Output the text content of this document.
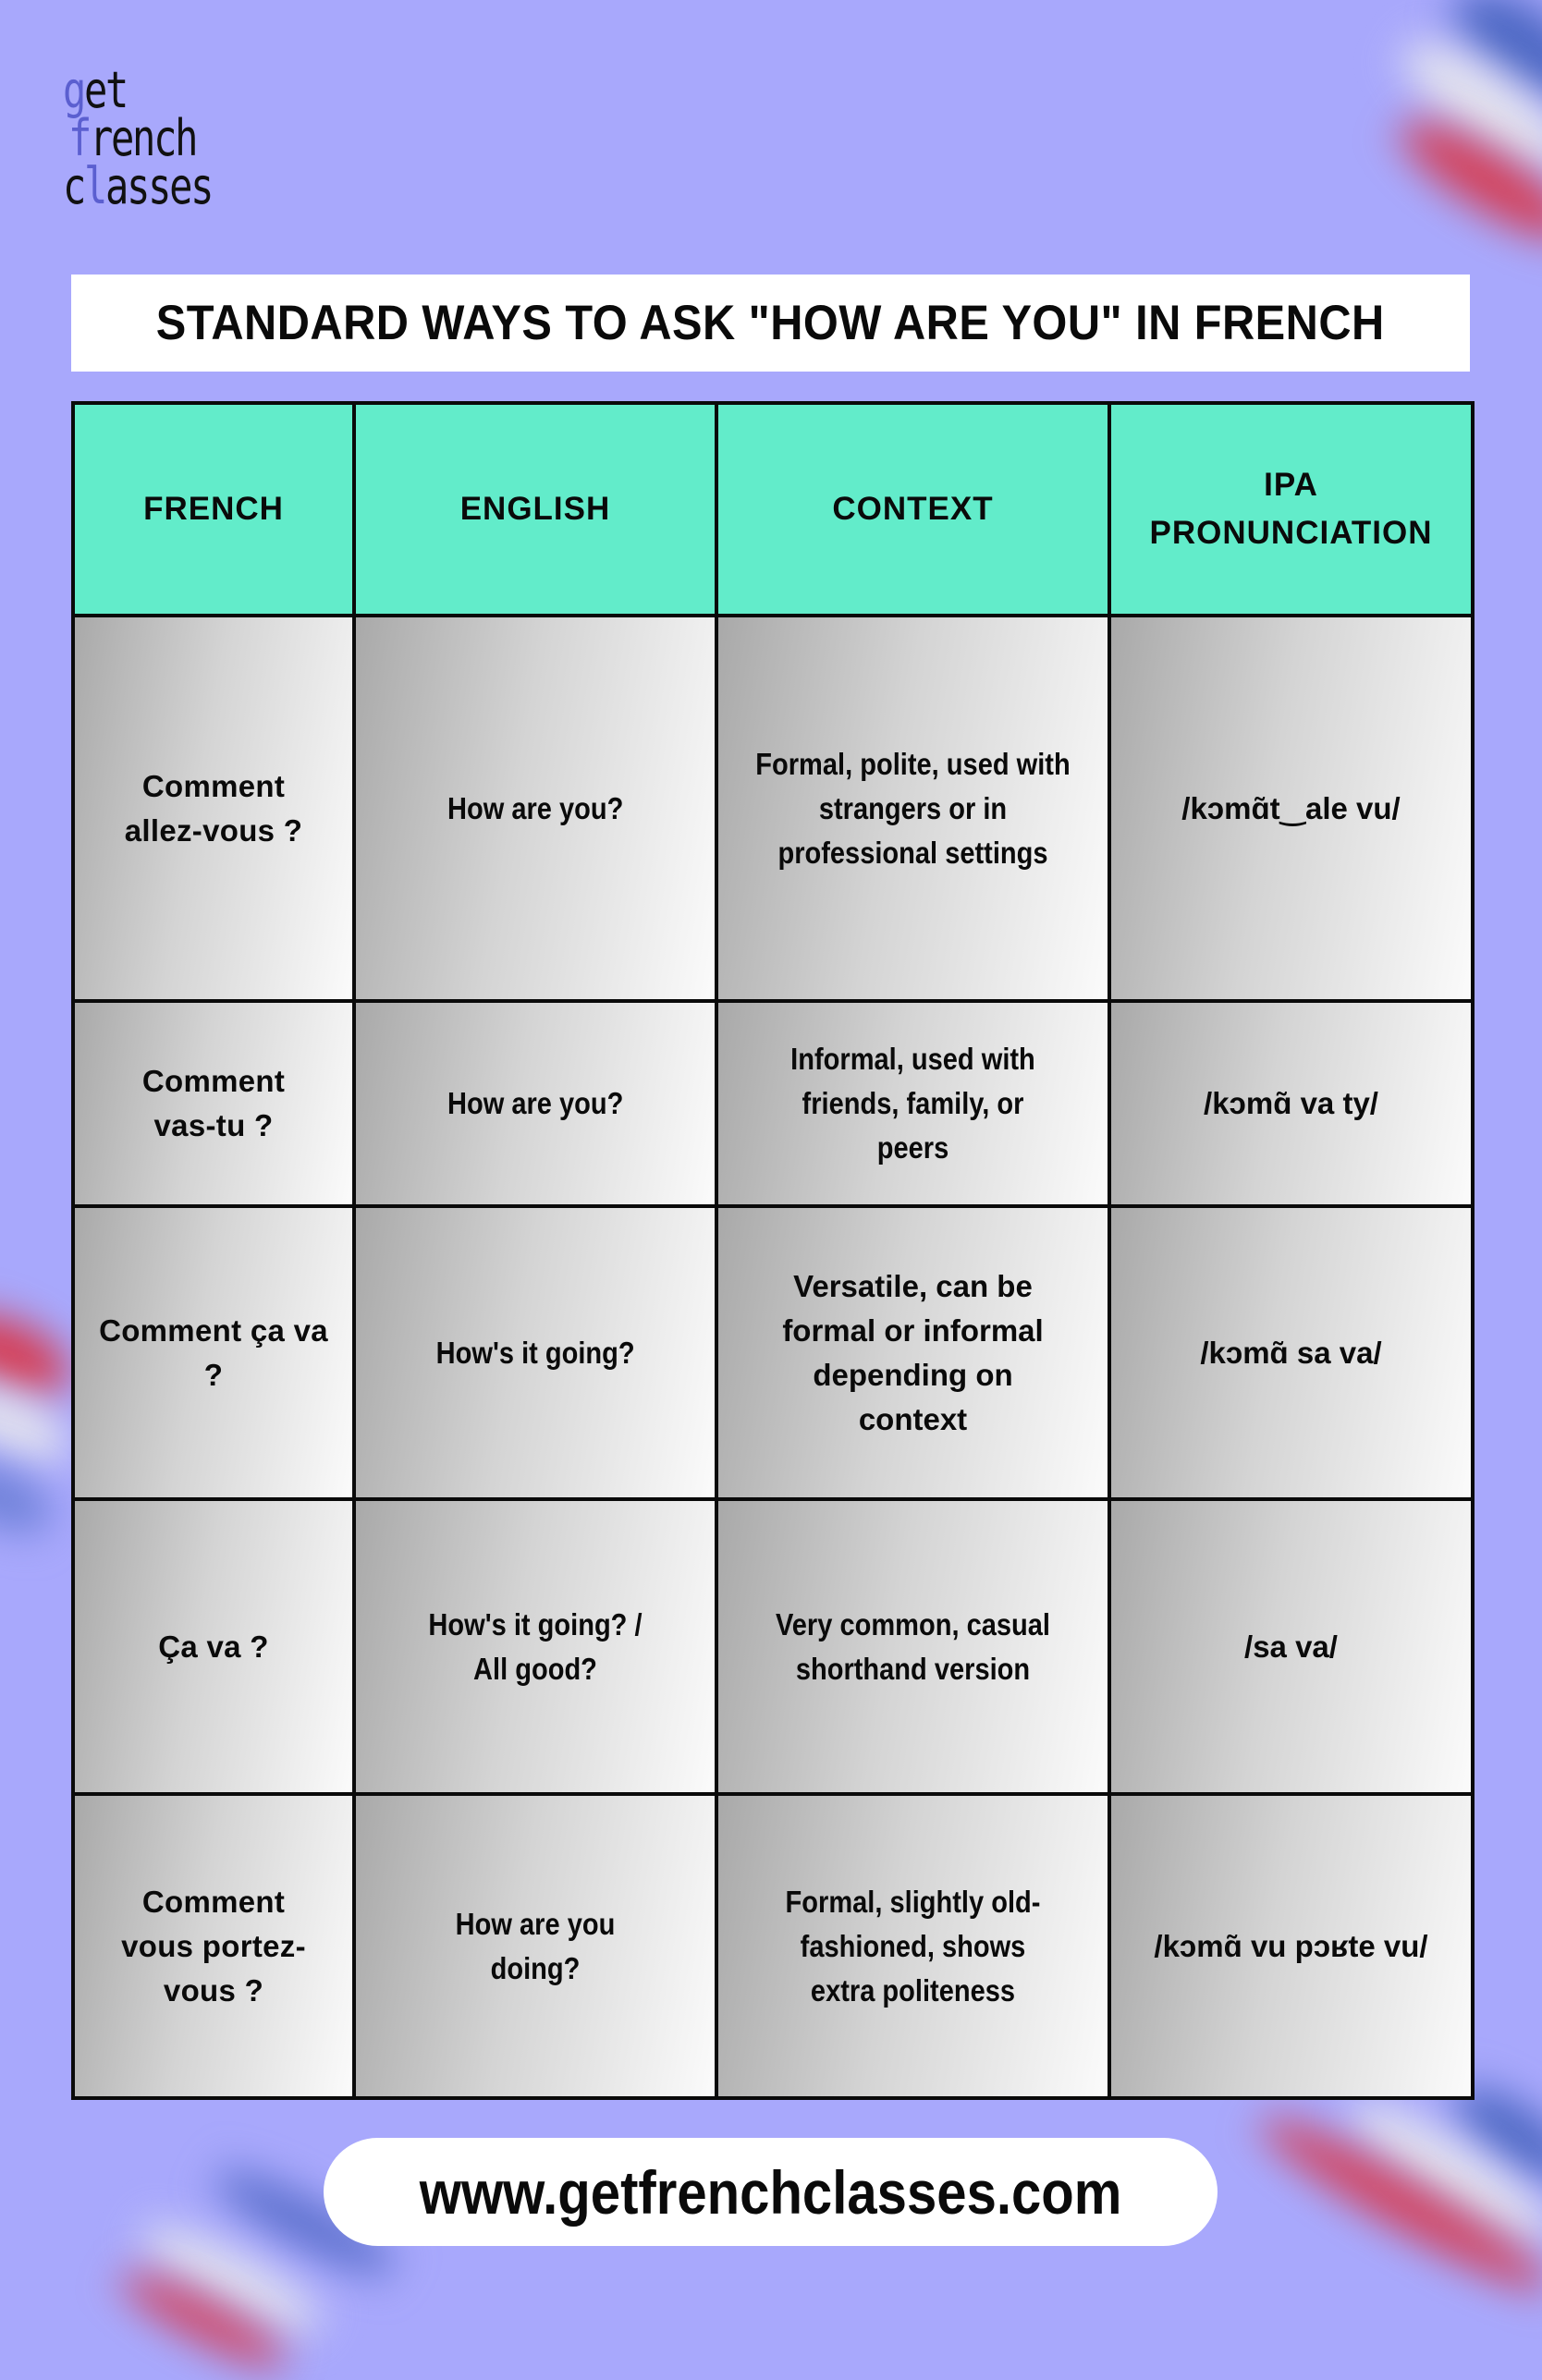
get
french
classes
STANDARD WAYS TO ASK "HOW ARE YOU" IN FRENCH
FRENCH	ENGLISH	CONTEXT	IPA PRONUNCIATION
Comment allez-vous ?	How are you?	Formal, polite, used with strangers or in professional settings	/kɔmɑ̃t‿ale vu/
Comment vas-tu ?	How are you?	Informal, used with friends, family, or peers	/kɔmɑ̃ va ty/
Comment ça va ?	How's it going?	Versatile, can be formal or informal depending on context	/kɔmɑ̃ sa va/
Ça va ?	How's it going? / All good?	Very common, casual shorthand version	/sa va/
Comment vous portez-vous ?	How are you doing?	Formal, slightly old-fashioned, shows extra politeness	/kɔmɑ̃ vu pɔʁte vu/
www.getfrenchclasses.com
